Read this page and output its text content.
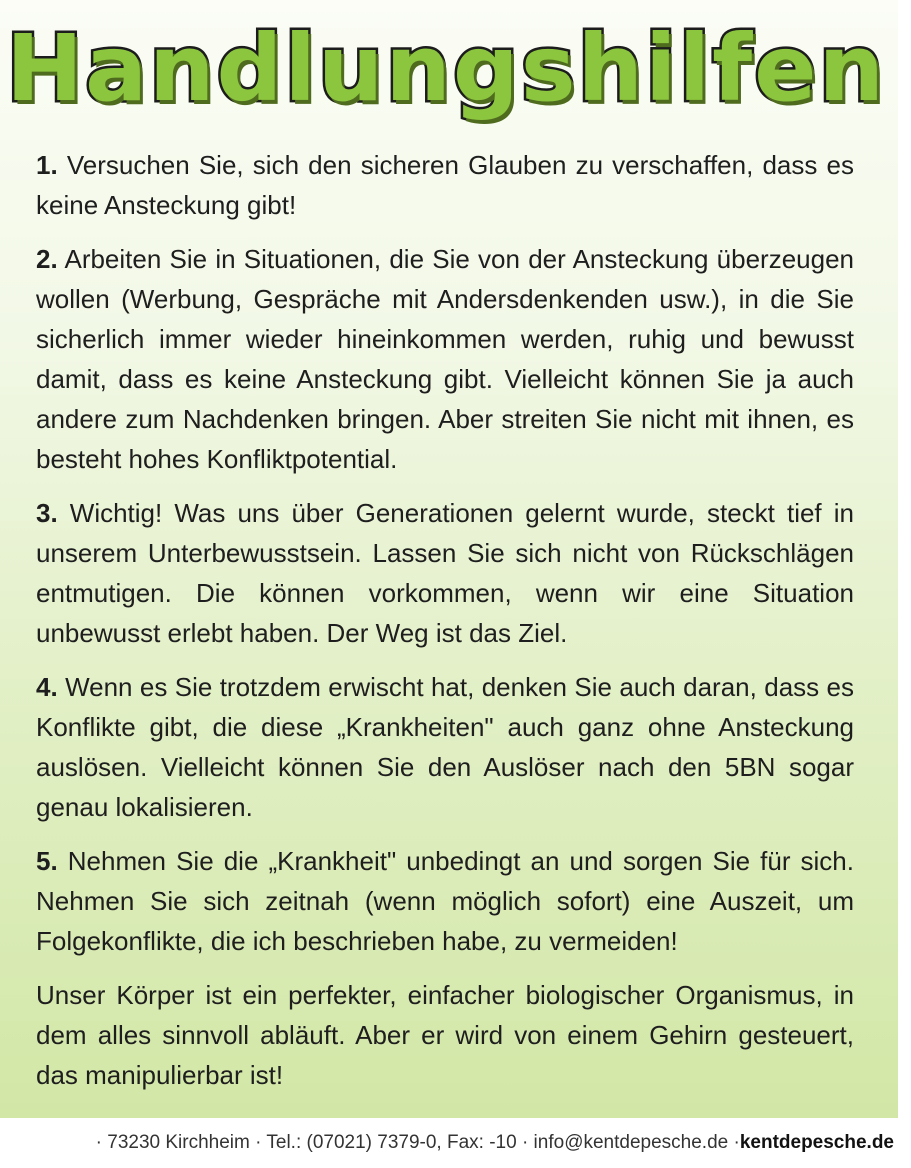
Handlungshilfen

1. Versuchen Sie, sich den sicheren Glauben zu verschaffen, dass es keine Ansteckung gibt!

2. Arbeiten Sie in Situationen, die Sie von der Ansteckung überzeugen wollen (Werbung, Gespräche mit Andersdenkenden usw.), in die Sie sicherlich immer wieder hineinkommen werden, ruhig und bewusst damit, dass es keine Ansteckung gibt. Vielleicht können Sie ja auch andere zum Nachdenken bringen. Aber streiten Sie nicht mit ihnen, es besteht hohes Konfliktpotential.

3. Wichtig! Was uns über Generationen gelernt wurde, steckt tief in unserem Unterbewusstsein. Lassen Sie sich nicht von Rückschlägen entmutigen. Die können vorkommen, wenn wir eine Situation unbewusst erlebt haben. Der Weg ist das Ziel.

4. Wenn es Sie trotzdem erwischt hat, denken Sie auch daran, dass es Konflikte gibt, die diese „Krankheiten" auch ganz ohne Ansteckung auslösen. Vielleicht können Sie den Auslöser nach den 5BN sogar genau lokalisieren.

5. Nehmen Sie die „Krankheit" unbedingt an und sorgen Sie für sich. Nehmen Sie sich zeitnah (wenn möglich sofort) eine Auszeit, um Folgekonflikte, die ich beschrieben habe, zu vermeiden!

Unser Körper ist ein perfekter, einfacher biologischer Organismus, in dem alles sinnvoll abläuft. Aber er wird von einem Gehirn gesteuert, das manipulierbar ist!

· 73230 Kirchheim · Tel.: (07021) 7379-0, Fax: -10 · info@kentdepesche.de · kentdepesche.de
